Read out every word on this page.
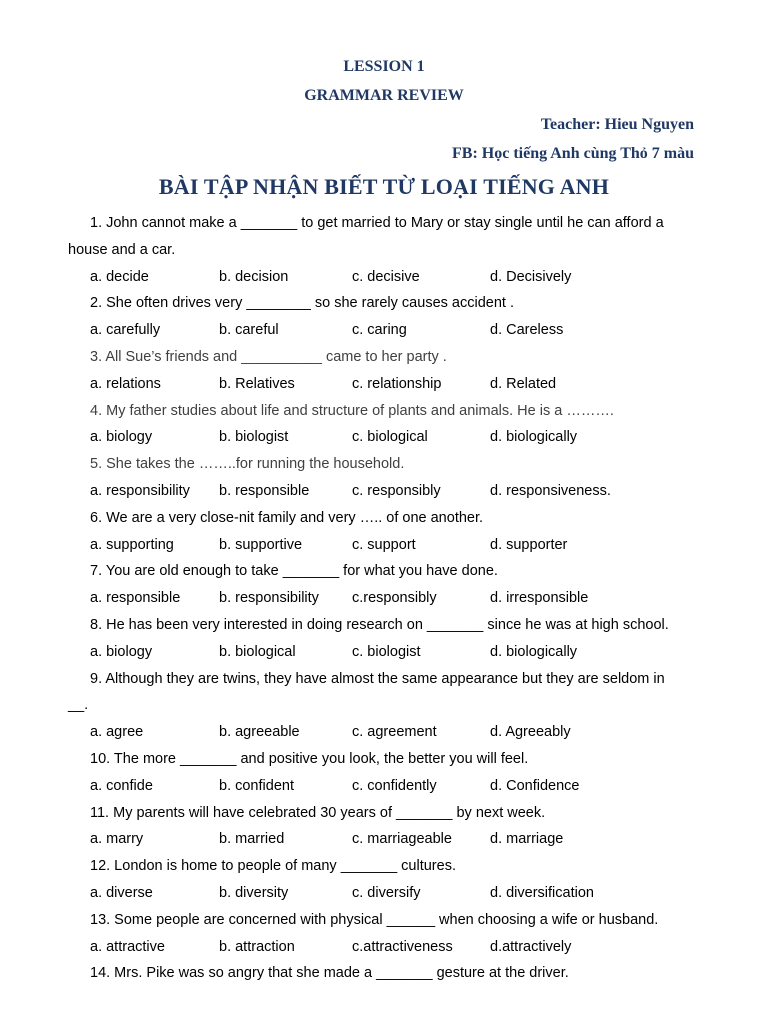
LESSION 1
GRAMMAR REVIEW
Teacher: Hieu Nguyen
FB: Học tiếng Anh cùng Thỏ 7 màu
BÀI TẬP NHẬN BIẾT TỪ LOẠI TIẾNG ANH
1. John cannot make a _______ to get married to Mary or stay single until he can afford a
house and a car.
a. decide	b. decision	c. decisive	d. Decisively
2. She often drives very ________ so she rarely causes accident .
a. carefully	b. careful	c. caring	d. Careless
3. All Sue’s friends and __________ came to her party .
a. relations	b. Relatives	c. relationship	d. Related
4. My father studies about life and structure of plants and animals. He is a ……….
a. biology	b. biologist	c. biological	d. biologically
5. She takes the ……..for running the household.
a. responsibility b. responsible	c. responsibly	d. responsiveness.
6. We are a very close-nit family and very ….. of one another.
a. supporting	b. supportive	c. support	d. supporter
7. You are old enough to take _______ for what you have done.
a. responsible	b. responsibility c.responsibly	d. irresponsible
8. He has been very interested in doing research on _______ since he was at high school.
a. biology	b. biological	c. biologist	d. biologically
9. Although they are twins, they have almost the same appearance but they are seldom in
__.
a. agree	b. agreeable	c. agreement	d. Agreeably
10. The more _______ and positive you look, the better you will feel.
a. confide	b. confident	c. confidently	d. Confidence
11. My parents will have celebrated 30 years of _______ by next week.
a. marry	b. married	c. marriageable	d. marriage
12. London is home to people of many _______ cultures.
a. diverse	b. diversity	c. diversify	d. diversification
13. Some people are concerned with physical ______ when choosing a wife or husband.
a. attractive	b. attraction	c.attractiveness	d.attractively
14. Mrs. Pike was so angry that she made a _______ gesture at the driver.
